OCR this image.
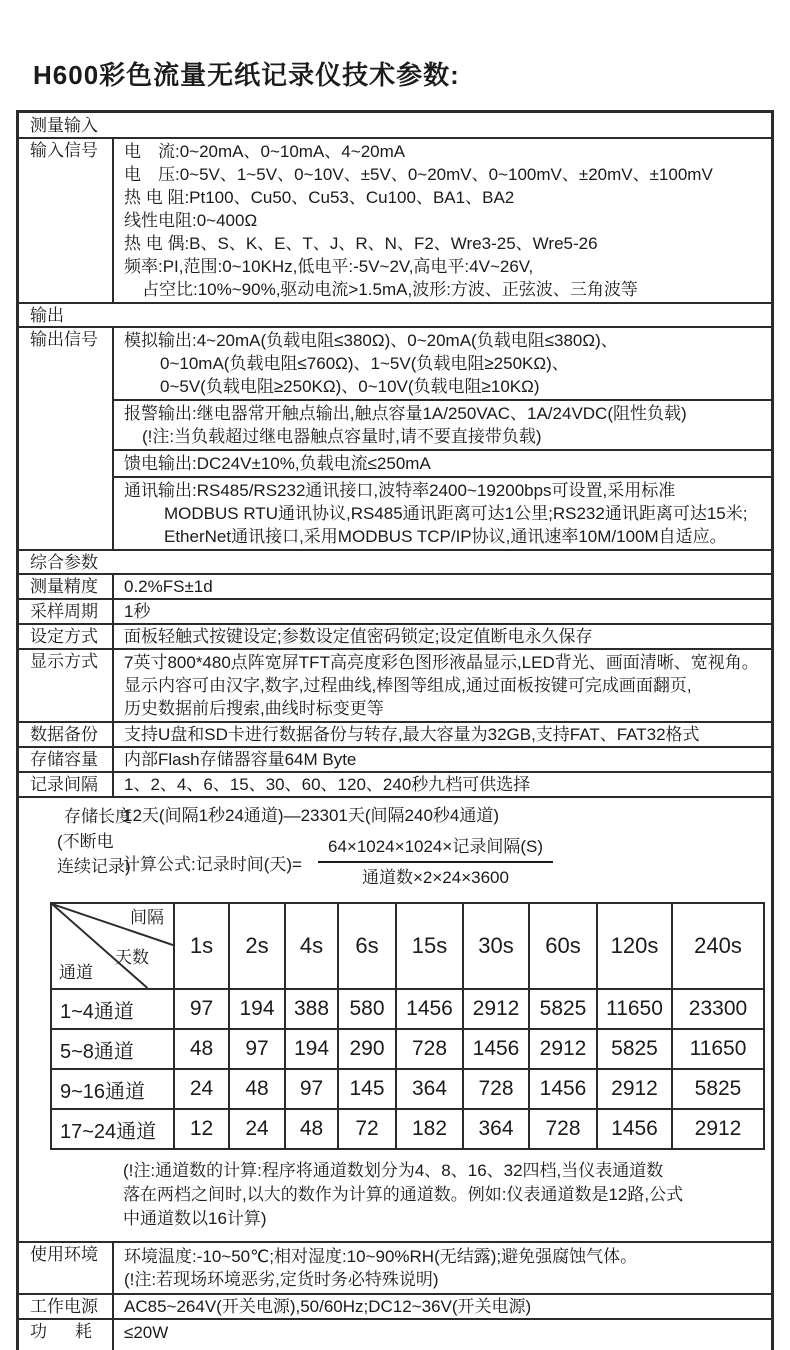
H600彩色流量无纸记录仪技术参数:
测量输入
输入信号	电　流:0~20mA、0~10mA、4~20mA
电　压:0~5V、1~5V、0~10V、±5V、0~20mV、0~100mV、±20mV、±100mV
热 电 阻:Pt100、Cu50、Cu53、Cu100、BA1、BA2
线性电阻:0~400Ω
热 电 偶:B、S、K、E、T、J、R、N、F2、Wre3-25、Wre5-26
频率:PI,范围:0~10KHz,低电平:-5V~2V,高电平:4V~26V,
占空比:10%~90%,驱动电流>1.5mA,波形:方波、正弦波、三角波等
输出
输出信号	模拟输出:4~20mA(负载电阻≤380Ω)、0~20mA(负载电阻≤380Ω)、
0~10mA(负载电阻≤760Ω)、1~5V(负载电阻≥250KΩ)、
0~5V(负载电阻≥250KΩ)、0~10V(负载电阻≥10KΩ)
报警输出:继电器常开触点输出,触点容量1A/250VAC、1A/24VDC(阻性负载)
(!注:当负载超过继电器触点容量时,请不要直接带负载)
馈电输出:DC24V±10%,负载电流≤250mA
通讯输出:RS485/RS232通讯接口,波特率2400~19200bps可设置,采用标准
MODBUS RTU通讯协议,RS485通讯距离可达1公里;RS232通讯距离可达15米;
EtherNet通讯接口,采用MODBUS TCP/IP协议,通讯速率10M/100M自适应。
综合参数
测量精度	0.2%FS±1d
采样周期	1秒
设定方式	面板轻触式按键设定;参数设定值密码锁定;设定值断电永久保存
显示方式	7英寸800*480点阵宽屏TFT高亮度彩色图形液晶显示,LED背光、画面清晰、宽视角。
显示内容可由汉字,数字,过程曲线,棒图等组成,通过面板按键可完成画面翻页,
历史数据前后搜索,曲线时标变更等
数据备份	支持U盘和SD卡进行数据备份与转存,最大容量为32GB,支持FAT、FAT32格式
存储容量	内部Flash存储器容量64M Byte
记录间隔	1、2、4、6、15、30、60、120、240秒九档可供选择
存储长度
(不断电
连续记录)
12天(间隔1秒24通道)—23301天(间隔240秒4通道)
计算公式:记录时间(天)= $\frac{\text{64×1024×1024×记录间隔(S)}}{\text{通道数×2×24×3600}}$
间隔
天数
通道	1s	2s	4s	6s	15s	30s	60s	120s	240s
1~4通道	97	194	388	580	1456	2912	5825	11650	23300
5~8通道	48	97	194	290	728	1456	2912	5825	11650
9~16通道	24	48	97	145	364	728	1456	2912	5825
17~24通道	12	24	48	72	182	364	728	1456	2912
(!注:通道数的计算:程序将通道数划分为4、8、16、32四档,当仪表通道数
落在两档之间时,以大的数作为计算的通道数。例如:仪表通道数是12路,公式
中通道数以16计算)
使用环境	环境温度:-10~50℃;相对湿度:10~90%RH(无结露);避免强腐蚀气体。
(!注:若现场环境恶劣,定货时务必特殊说明)
工作电源	AC85~264V(开关电源),50/60Hz;DC12~36V(开关电源)
功耗	≤20W
